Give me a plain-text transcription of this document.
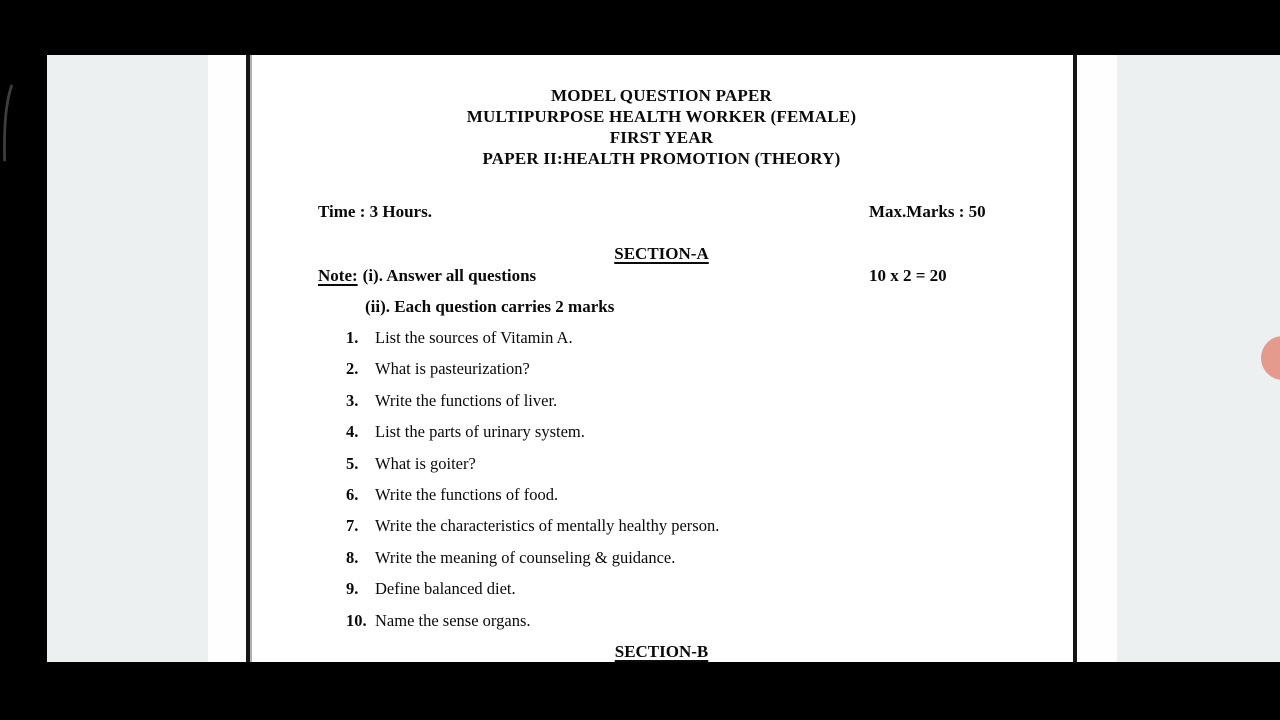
MODEL QUESTION PAPER
MULTIPURPOSE HEALTH WORKER (FEMALE)
FIRST YEAR
PAPER II:HEALTH PROMOTION (THEORY)
Time : 3 Hours.	Max.Marks : 50
SECTION-A
Note: (i). Answer all questions	10 x 2 = 20
(ii). Each question carries 2 marks
1. List the sources of Vitamin A.
2. What is pasteurization?
3. Write the functions of liver.
4. List the parts of urinary system.
5. What is goiter?
6. Write the functions of food.
7. Write the characteristics of mentally healthy person.
8. Write the meaning of counseling & guidance.
9. Define balanced diet.
10. Name the sense organs.
SECTION-B
